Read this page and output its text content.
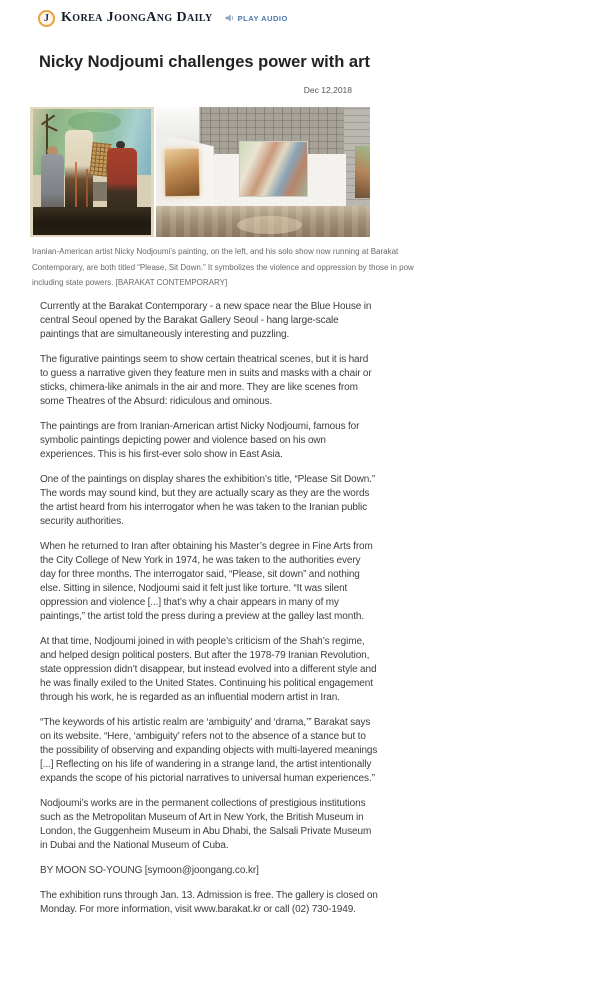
J Korea JoongAng Daily	PLAY AUDIO
Nicky Nodjoumi challenges power with art
Dec 12,2018
Iranian-American artist Nicky Nodjoumi’s painting, on the left, and his solo show now running at Barakat
Contemporary, are both titled “Please, Sit Down.” It symbolizes the violence and oppression by those in pow
including state powers. [BARAKAT CONTEMPORARY]

Currently at the Barakat Contemporary - a new space near the Blue House in central Seoul opened by the Barakat Gallery Seoul - hang large-scale paintings that are simultaneously interesting and puzzling.

The figurative paintings seem to show certain theatrical scenes, but it is hard to guess a narrative given they feature men in suits and masks with a chair or sticks, chimera-like animals in the air and more. They are like scenes from some Theatres of the Absurd: ridiculous and ominous.

The paintings are from Iranian-American artist Nicky Nodjoumi, famous for symbolic paintings depicting power and violence based on his own experiences. This is his first-ever solo show in East Asia.

One of the paintings on display shares the exhibition’s title, “Please Sit Down.” The words may sound kind, but they are actually scary as they are the words the artist heard from his interrogator when he was taken to the Iranian public security authorities.

When he returned to Iran after obtaining his Master’s degree in Fine Arts from the City College of New York in 1974, he was taken to the authorities every day for three months. The interrogator said, “Please, sit down” and nothing else. Sitting in silence, Nodjoumi said it felt just like torture. “It was silent oppression and violence [...] that’s why a chair appears in many of my paintings,” the artist told the press during a preview at the galley last month.

At that time, Nodjoumi joined in with people’s criticism of the Shah’s regime, and helped design political posters. But after the 1978-79 Iranian Revolution, state oppression didn’t disappear, but instead evolved into a different style and he was finally exiled to the United States. Continuing his political engagement through his work, he is regarded as an influential modern artist in Iran.

“The keywords of his artistic realm are ‘ambiguity’ and ‘drama,’” Barakat says on its website. “Here, ‘ambiguity’ refers not to the absence of a stance but to the possibility of observing and expanding objects with multi-layered meanings [...] Reflecting on his life of wandering in a strange land, the artist intentionally expands the scope of his pictorial narratives to universal human experiences.”

Nodjoumi’s works are in the permanent collections of prestigious institutions such as the Metropolitan Museum of Art in New York, the British Museum in London, the Guggenheim Museum in Abu Dhabi, the Salsali Private Museum in Dubai and the National Museum of Cuba.

BY MOON SO-YOUNG [symoon@joongang.co.kr]

The exhibition runs through Jan. 13. Admission is free. The gallery is closed on Monday. For more information, visit www.barakat.kr or call (02) 730-1949.
